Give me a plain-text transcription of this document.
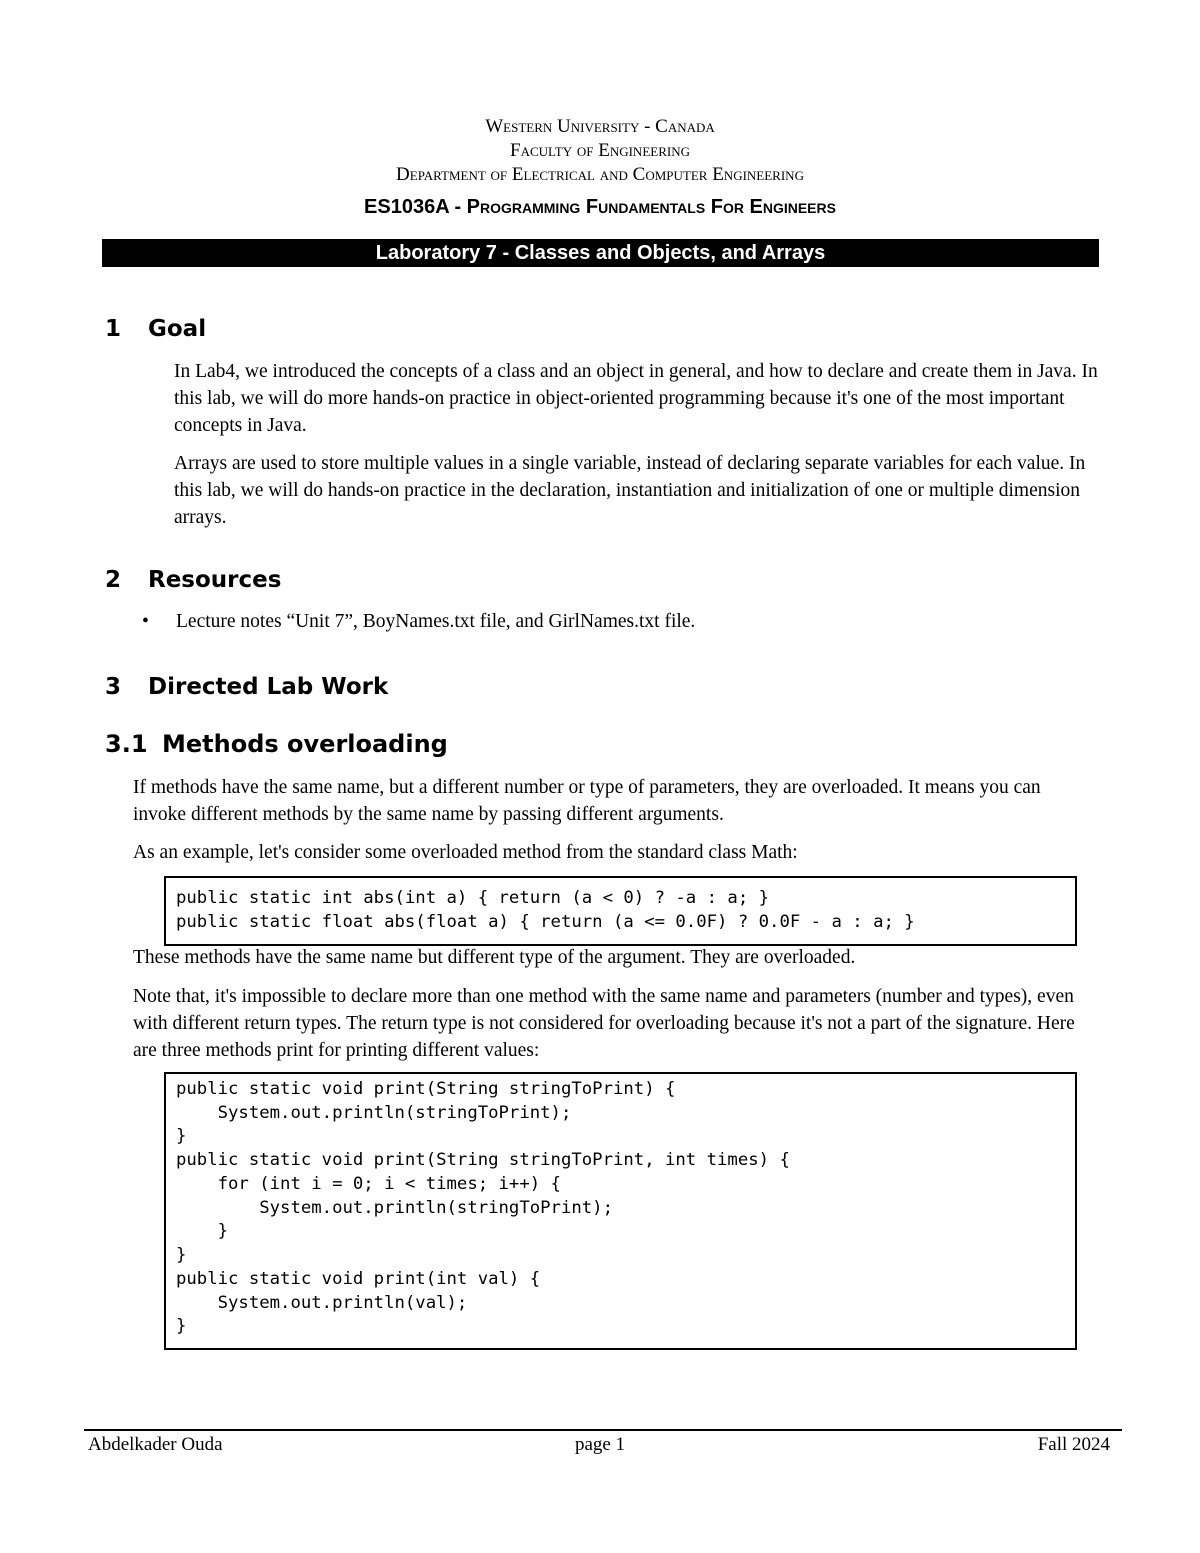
Western University - Canada
Faculty of Engineering
Department of Electrical and Computer Engineering
ES1036A - Programming Fundamentals For Engineers
Laboratory 7 - Classes and Objects, and Arrays
1 Goal
In Lab4, we introduced the concepts of a class and an object in general, and how to declare and create them in Java. In this lab, we will do more hands-on practice in object-oriented programming because it's one of the most important concepts in Java.
Arrays are used to store multiple values in a single variable, instead of declaring separate variables for each value. In this lab, we will do hands-on practice in the declaration, instantiation and initialization of one or multiple dimension arrays.
2 Resources
• Lecture notes “Unit 7”, BoyNames.txt file, and GirlNames.txt file.
3 Directed Lab Work
3.1 Methods overloading
If methods have the same name, but a different number or type of parameters, they are overloaded. It means you can invoke different methods by the same name by passing different arguments.
As an example, let's consider some overloaded method from the standard class Math:
public static int abs(int a) { return (a < 0) ? -a : a; }
public static float abs(float a) { return (a <= 0.0F) ? 0.0F - a : a; }
These methods have the same name but different type of the argument. They are overloaded.
Note that, it's impossible to declare more than one method with the same name and parameters (number and types), even with different return types. The return type is not considered for overloading because it's not a part of the signature. Here are three methods print for printing different values:
public static void print(String stringToPrint) {
System.out.println(stringToPrint);
}
public static void print(String stringToPrint, int times) {
for (int i = 0; i < times; i++) {
System.out.println(stringToPrint);
}
}
public static void print(int val) {
System.out.println(val);
}
Abdelkader Ouda	page 1	Fall 2024
